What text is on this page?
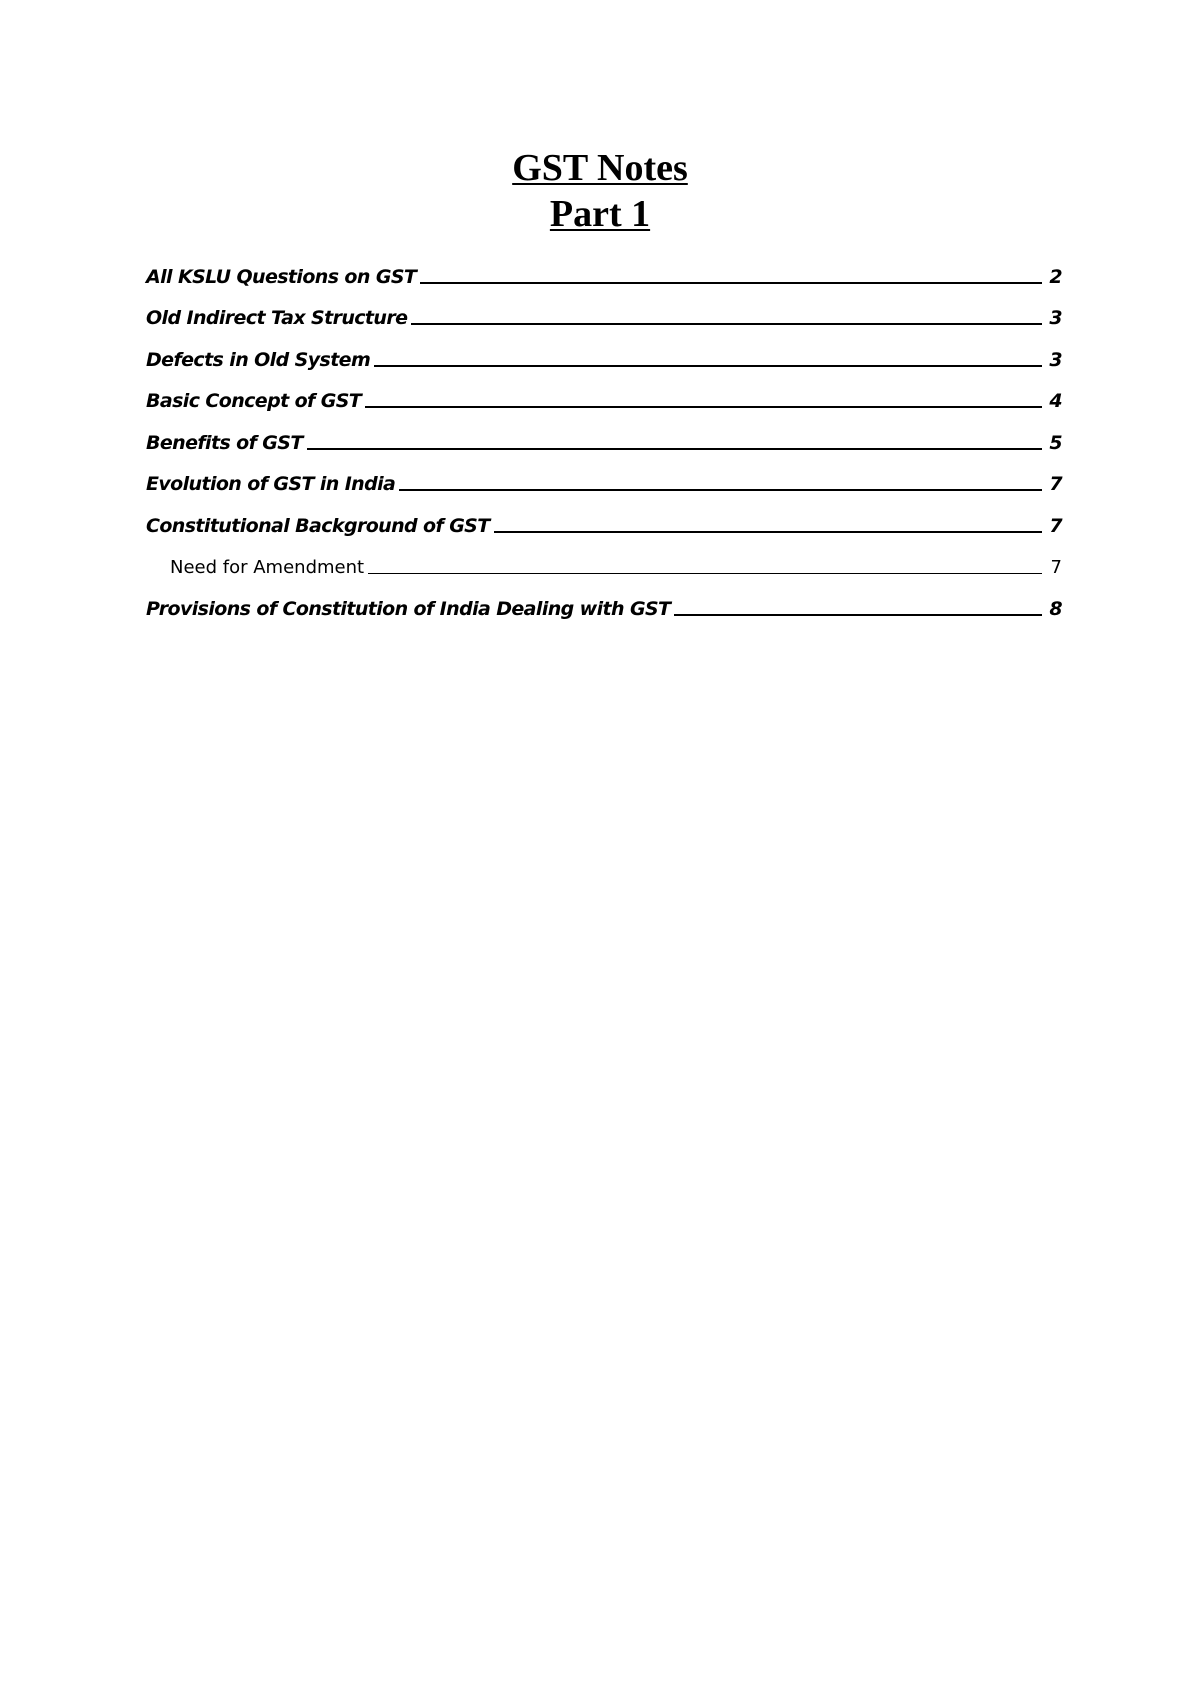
GST Notes
Part 1
All KSLU Questions on GST	2
Old Indirect Tax Structure	3
Defects in Old System	3
Basic Concept of GST	4
Benefits of GST	5
Evolution of GST in India	7
Constitutional Background of GST	7
Need for Amendment	7
Provisions of Constitution of India Dealing with GST	8
